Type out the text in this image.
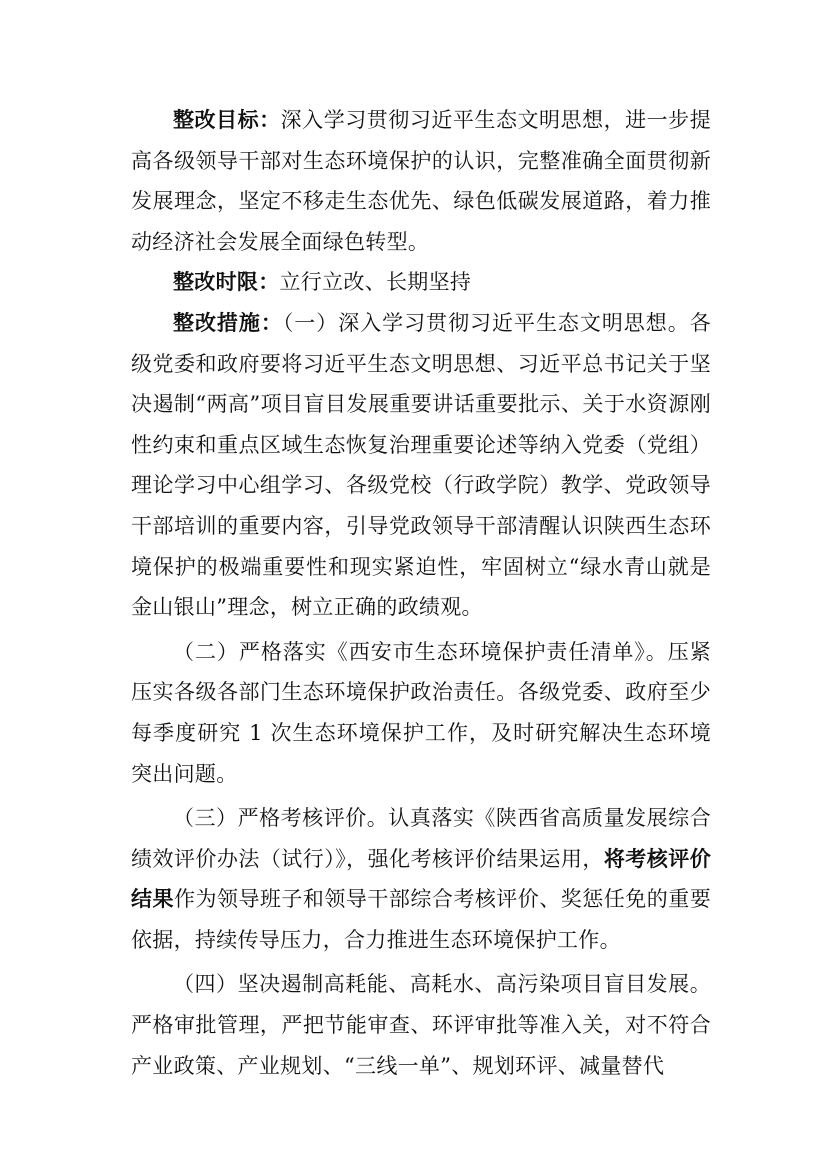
整改目标：深入学习贯彻习近平生态文明思想，进一步提高各级领导干部对生态环境保护的认识，完整准确全面贯彻新发展理念，坚定不移走生态优先、绿色低碳发展道路，着力推动经济社会发展全面绿色转型。

整改时限：立行立改、长期坚持

整改措施：（一）深入学习贯彻习近平生态文明思想。各级党委和政府要将习近平生态文明思想、习近平总书记关于坚决遏制“两高”项目盲目发展重要讲话重要批示、关于水资源刚性约束和重点区域生态恢复治理重要论述等纳入党委（党组）理论学习中心组学习、各级党校（行政学院）教学、党政领导干部培训的重要内容，引导党政领导干部清醒认识陕西生态环境保护的极端重要性和现实紧迫性，牢固树立“绿水青山就是金山银山”理念，树立正确的政绩观。

（二）严格落实《西安市生态环境保护责任清单》。压紧压实各级各部门生态环境保护政治责任。各级党委、政府至少每季度研究 1 次生态环境保护工作，及时研究解决生态环境突出问题。

（三）严格考核评价。认真落实《陕西省高质量发展综合绩效评价办法（试行）》，强化考核评价结果运用，将考核评价结果作为领导班子和领导干部综合考核评价、奖惩任免的重要依据，持续传导压力，合力推进生态环境保护工作。

（四）坚决遏制高耗能、高耗水、高污染项目盲目发展。严格审批管理，严把节能审查、环评审批等准入关，对不符合产业政策、产业规划、“三线一单”、规划环评、减量替代
